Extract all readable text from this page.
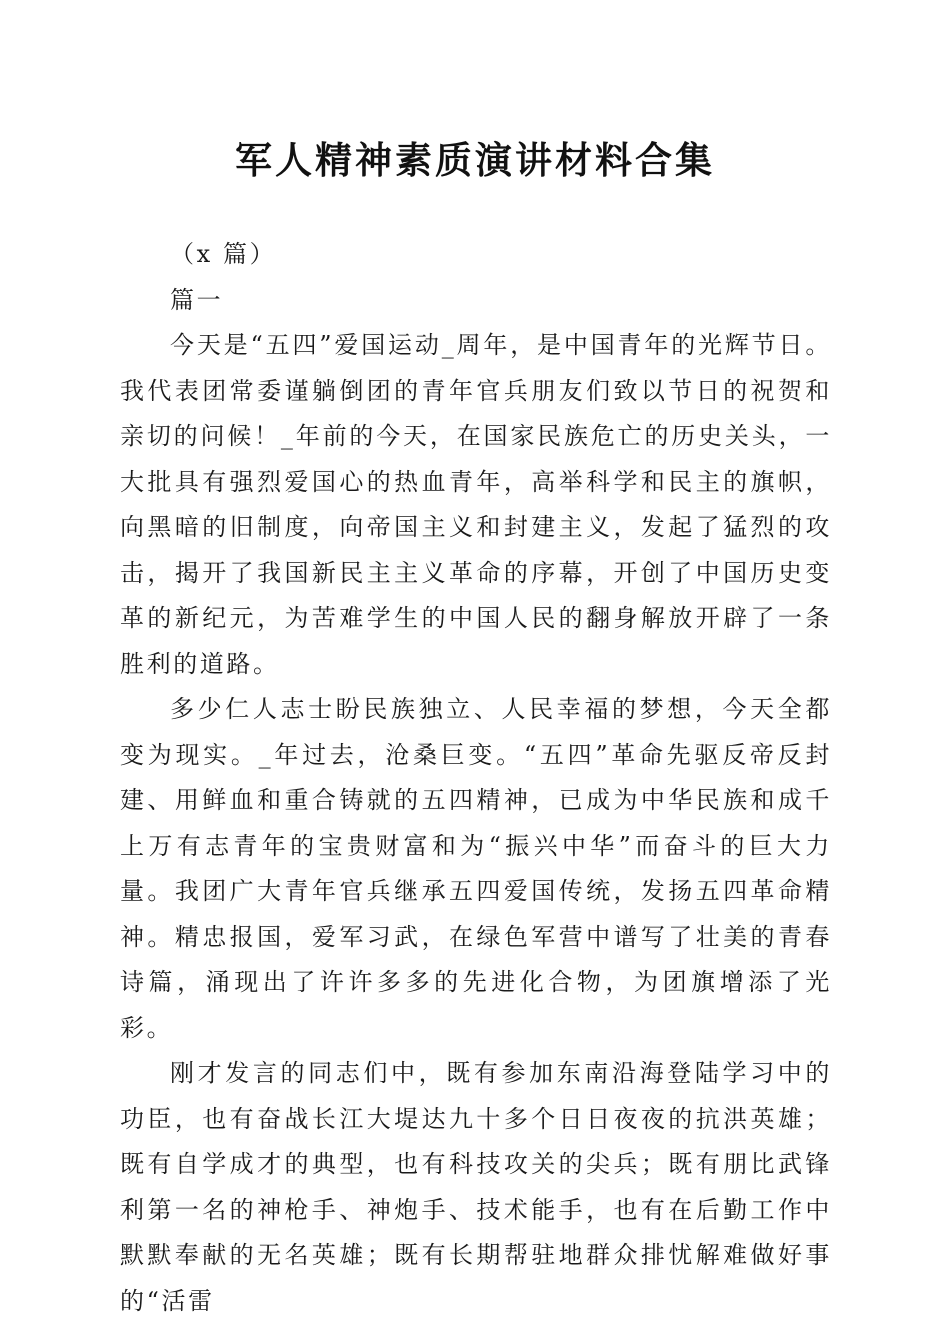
军人精神素质演讲材料合集

（x 篇）

篇一

今天是“五四”爱国运动_周年，是中国青年的光辉节日。我代表团常委谨躺倒团的青年官兵朋友们致以节日的祝贺和亲切的问候！_年前的今天，在国家民族危亡的历史关头，一大批具有强烈爱国心的热血青年，高举科学和民主的旗帜，向黑暗的旧制度，向帝国主义和封建主义，发起了猛烈的攻击，揭开了我国新民主主义革命的序幕，开创了中国历史变革的新纪元，为苦难学生的中国人民的翻身解放开辟了一条胜利的道路。

多少仁人志士盼民族独立、人民幸福的梦想，今天全都变为现实。_年过去，沧桑巨变。“五四”革命先驱反帝反封建、用鲜血和重合铸就的五四精神，已成为中华民族和成千上万有志青年的宝贵财富和为“振兴中华”而奋斗的巨大力量。我团广大青年官兵继承五四爱国传统，发扬五四革命精神。精忠报国，爱军习武，在绿色军营中谱写了壮美的青春诗篇，涌现出了许许多多的先进化合物，为团旗增添了光彩。

刚才发言的同志们中，既有参加东南沿海登陆学习中的功臣，也有奋战长江大堤达九十多个日日夜夜的抗洪英雄；既有自学成才的典型，也有科技攻关的尖兵；既有朋比武锋利第一名的神枪手、神炮手、技术能手，也有在后勤工作中默默奉献的无名英雄；既有长期帮驻地群众排忧解难做好事的“活雷
